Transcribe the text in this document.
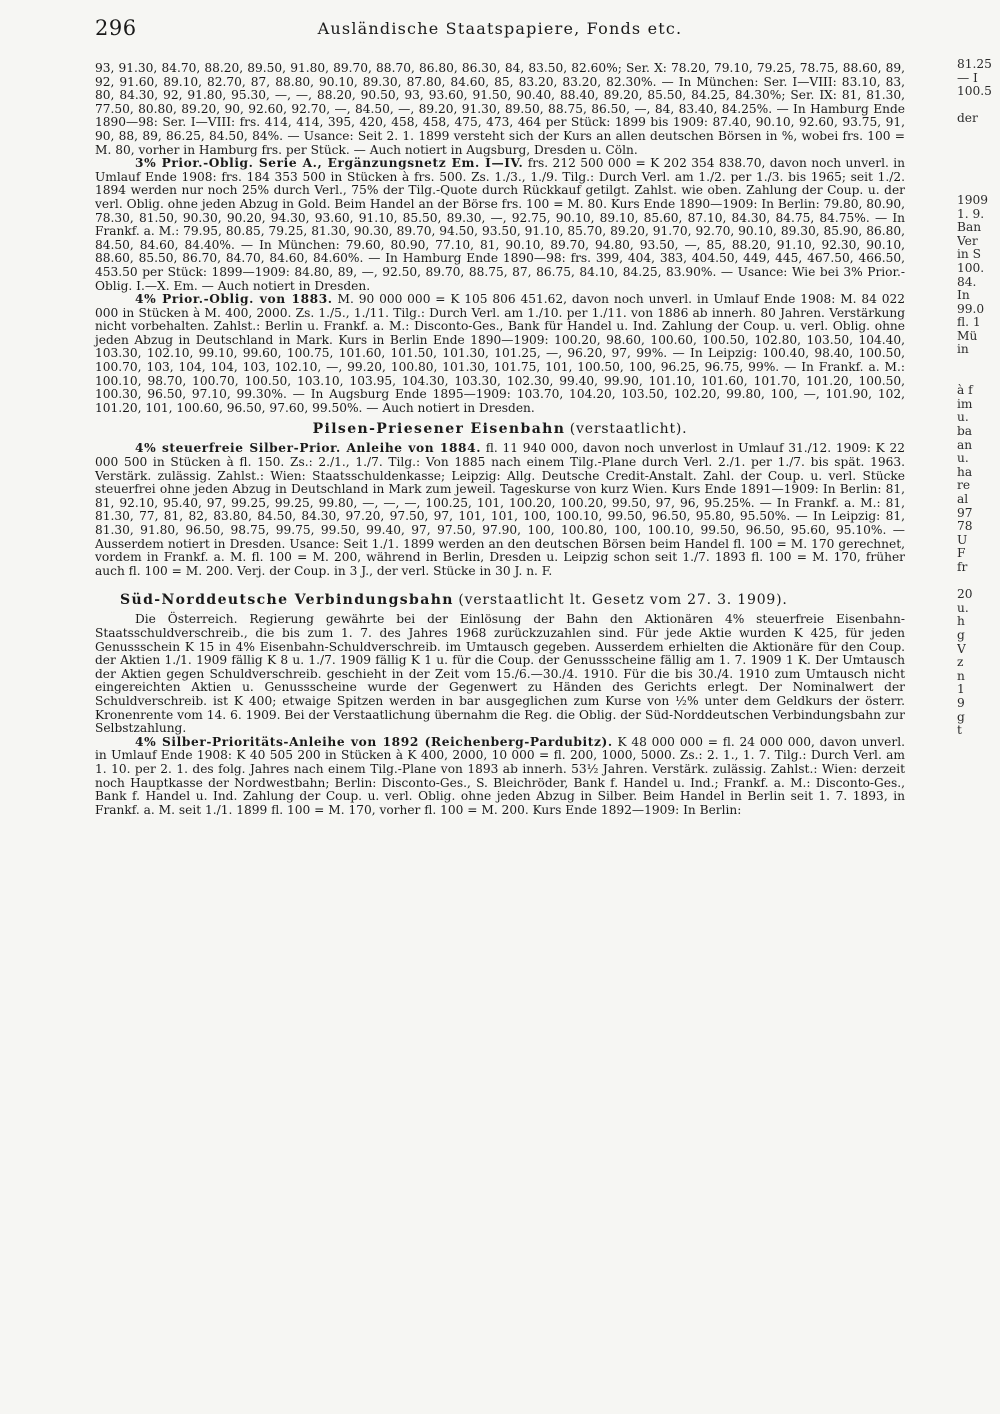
296	Ausländische Staatspapiere, Fonds etc.

93, 91.30, 84.70, 88.20, 89.50, 91.80, 89.70, 88.70, 86.80, 86.30, 84, 83.50, 82.60%; Ser. X: 78.20, 79.10, 79.25, 78.75, 88.60, 89, 92, 91.60, 89.10, 82.70, 87, 88.80, 90.10, 89.30, 87.80, 84.60, 85, 83.20, 83.20, 82.30%. — In München: Ser. I—VIII: 83.10, 83, 80, 84.30, 92, 91.80, 95.30, —, —, 88.20, 90.50, 93, 93.60, 91.50, 90.40, 88.40, 89.20, 85.50, 84.25, 84.30%; Ser. IX: 81, 81.30, 77.50, 80.80, 89.20, 90, 92.60, 92.70, —, 84.50, —, 89.20, 91.30, 89.50, 88.75, 86.50, —, 84, 83.40, 84.25%. — In Hamburg Ende 1890—98: Ser. I—VIII: frs. 414, 414, 395, 420, 458, 458, 475, 473, 464 per Stück: 1899 bis 1909: 87.40, 90.10, 92.60, 93.75, 91, 90, 88, 89, 86.25, 84.50, 84%. — Usance: Seit 2. 1. 1899 versteht sich der Kurs an allen deutschen Börsen in %, wobei frs. 100 = M. 80, vorher in Hamburg frs. per Stück. — Auch notiert in Augsburg, Dresden u. Cöln.

3% Prior.-Oblig. Serie A., Ergänzungsnetz Em. I—IV. frs. 212 500 000 = K 202 354 838.70, davon noch unverl. in Umlauf Ende 1908: frs. 184 353 500 in Stücken à frs. 500. Zs. 1./3., 1./9. Tilg.: Durch Verl. am 1./2. per 1./3. bis 1965; seit 1./2. 1894 werden nur noch 25% durch Verl., 75% der Tilg.-Quote durch Rückkauf getilgt. Zahlst. wie oben. Zahlung der Coup. u. der verl. Oblig. ohne jeden Abzug in Gold. Beim Handel an der Börse frs. 100 = M. 80. Kurs Ende 1890—1909: In Berlin: 79.80, 80.90, 78.30, 81.50, 90.30, 90.20, 94.30, 93.60, 91.10, 85.50, 89.30, —, 92.75, 90.10, 89.10, 85.60, 87.10, 84.30, 84.75, 84.75%. — In Frankf. a. M.: 79.95, 80.85, 79.25, 81.30, 90.30, 89.70, 94.50, 93.50, 91.10, 85.70, 89.20, 91.70, 92.70, 90.10, 89.30, 85.90, 86.80, 84.50, 84.60, 84.40%. — In München: 79.60, 80.90, 77.10, 81, 90.10, 89.70, 94.80, 93.50, —, 85, 88.20, 91.10, 92.30, 90.10, 88.60, 85.50, 86.70, 84.70, 84.60, 84.60%. — In Hamburg Ende 1890—98: frs. 399, 404, 383, 404.50, 449, 445, 467.50, 466.50, 453.50 per Stück: 1899—1909: 84.80, 89, —, 92.50, 89.70, 88.75, 87, 86.75, 84.10, 84.25, 83.90%. — Usance: Wie bei 3% Prior.-Oblig. I.—X. Em. — Auch notiert in Dresden.

4% Prior.-Oblig. von 1883. M. 90 000 000 = K 105 806 451.62, davon noch unverl. in Umlauf Ende 1908: M. 84 022 000 in Stücken à M. 400, 2000. Zs. 1./5., 1./11. Tilg.: Durch Verl. am 1./10. per 1./11. von 1886 ab innerh. 80 Jahren. Verstärkung nicht vorbehalten. Zahlst.: Berlin u. Frankf. a. M.: Disconto-Ges., Bank für Handel u. Ind. Zahlung der Coup. u. verl. Oblig. ohne jeden Abzug in Deutschland in Mark. Kurs in Berlin Ende 1890—1909: 100.20, 98.60, 100.60, 100.50, 102.80, 103.50, 104.40, 103.30, 102.10, 99.10, 99.60, 100.75, 101.60, 101.50, 101.30, 101.25, —, 96.20, 97, 99%. — In Leipzig: 100.40, 98.40, 100.50, 100.70, 103, 104, 104, 103, 102.10, —, 99.20, 100.80, 101.30, 101.75, 101, 100.50, 100, 96.25, 96.75, 99%. — In Frankf. a. M.: 100.10, 98.70, 100.70, 100.50, 103.10, 103.95, 104.30, 103.30, 102.30, 99.40, 99.90, 101.10, 101.60, 101.70, 101.20, 100.50, 100.30, 96.50, 97.10, 99.30%. — In Augsburg Ende 1895—1909: 103.70, 104.20, 103.50, 102.20, 99.80, 100, —, 101.90, 102, 101.20, 101, 100.60, 96.50, 97.60, 99.50%. — Auch notiert in Dresden.

Pilsen-Priesener Eisenbahn (verstaatlicht).

4% steuerfreie Silber-Prior. Anleihe von 1884. fl. 11 940 000, davon noch unverlost in Umlauf 31./12. 1909: K 22 000 500 in Stücken à fl. 150. Zs.: 2./1., 1./7. Tilg.: Von 1885 nach einem Tilg.-Plane durch Verl. 2./1. per 1./7. bis spät. 1963. Verstärk. zulässig. Zahlst.: Wien: Staatsschuldenkasse; Leipzig: Allg. Deutsche Credit-Anstalt. Zahl. der Coup. u. verl. Stücke steuerfrei ohne jeden Abzug in Deutschland in Mark zum jeweil. Tageskurse von kurz Wien. Kurs Ende 1891—1909: In Berlin: 81, 81, 92.10, 95.40, 97, 99.25, 99.25, 99.80, —, —, —, 100.25, 101, 100.20, 100.20, 99.50, 97, 96, 95.25%. — In Frankf. a. M.: 81, 81.30, 77, 81, 82, 83.80, 84.50, 84.30, 97.20, 97.50, 97, 101, 101, 100, 100.10, 99.50, 96.50, 95.80, 95.50%. — In Leipzig: 81, 81.30, 91.80, 96.50, 98.75, 99.75, 99.50, 99.40, 97, 97.50, 97.90, 100, 100.80, 100, 100.10, 99.50, 96.50, 95.60, 95.10%. — Ausserdem notiert in Dresden. Usance: Seit 1./1. 1899 werden an den deutschen Börsen beim Handel fl. 100 = M. 170 gerechnet, vordem in Frankf. a. M. fl. 100 = M. 200, während in Berlin, Dresden u. Leipzig schon seit 1./7. 1893 fl. 100 = M. 170, früher auch fl. 100 = M. 200. Verj. der Coup. in 3 J., der verl. Stücke in 30 J. n. F.

Süd-Norddeutsche Verbindungsbahn (verstaatlicht lt. Gesetz vom 27. 3. 1909).

Die Österreich. Regierung gewährte bei der Einlösung der Bahn den Aktionären 4% steuerfreie Eisenbahn-Staatsschuldverschreib., die bis zum 1. 7. des Jahres 1968 zurückzuzahlen sind. Für jede Aktie wurden K 425, für jeden Genussschein K 15 in 4% Eisenbahn-Schuldverschreib. im Umtausch gegeben. Ausserdem erhielten die Aktionäre für den Coup. der Aktien 1./1. 1909 fällig K 8 u. 1./7. 1909 fällig K 1 u. für die Coup. der Genussscheine fällig am 1. 7. 1909 1 K. Der Umtausch der Aktien gegen Schuldverschreib. geschieht in der Zeit vom 15./6.—30./4. 1910. Für die bis 30./4. 1910 zum Umtausch nicht eingereichten Aktien u. Genussscheine wurde der Gegenwert zu Händen des Gerichts erlegt. Der Nominalwert der Schuldverschreib. ist K 400; etwaige Spitzen werden in bar ausgeglichen zum Kurse von ½% unter dem Geldkurs der österr. Kronenrente vom 14. 6. 1909. Bei der Verstaatlichung übernahm die Reg. die Oblig. der Süd-Norddeutschen Verbindungsbahn zur Selbstzahlung.

4% Silber-Prioritäts-Anleihe von 1892 (Reichenberg-Pardubitz). K 48 000 000 = fl. 24 000 000, davon unverl. in Umlauf Ende 1908: K 40 505 200 in Stücken à K 400, 2000, 10 000 = fl. 200, 1000, 5000. Zs.: 2. 1., 1. 7. Tilg.: Durch Verl. am 1. 10. per 2. 1. des folg. Jahres nach einem Tilg.-Plane von 1893 ab innerh. 53½ Jahren. Verstärk. zulässig. Zahlst.: Wien: derzeit noch Hauptkasse der Nordwestbahn; Berlin: Disconto-Ges., S. Bleichröder, Bank f. Handel u. Ind.; Frankf. a. M.: Disconto-Ges., Bank f. Handel u. Ind. Zahlung der Coup. u. verl. Oblig. ohne jeden Abzug in Silber. Beim Handel in Berlin seit 1. 7. 1893, in Frankf. a. M. seit 1./1. 1899 fl. 100 = M. 170, vorher fl. 100 = M. 200. Kurs Ende 1892—1909: In Berlin:

81.25
— I
100.5
der
1909
1. 9.
Ban
Ver
in S
100.
84.
In
99.0
fl. 1
Mü
in
à f
im
u.
ba
an
u.
ha
re
al
97
78
U
F
fr
20
u.
h
g
V
z
n
1
9
g
t
